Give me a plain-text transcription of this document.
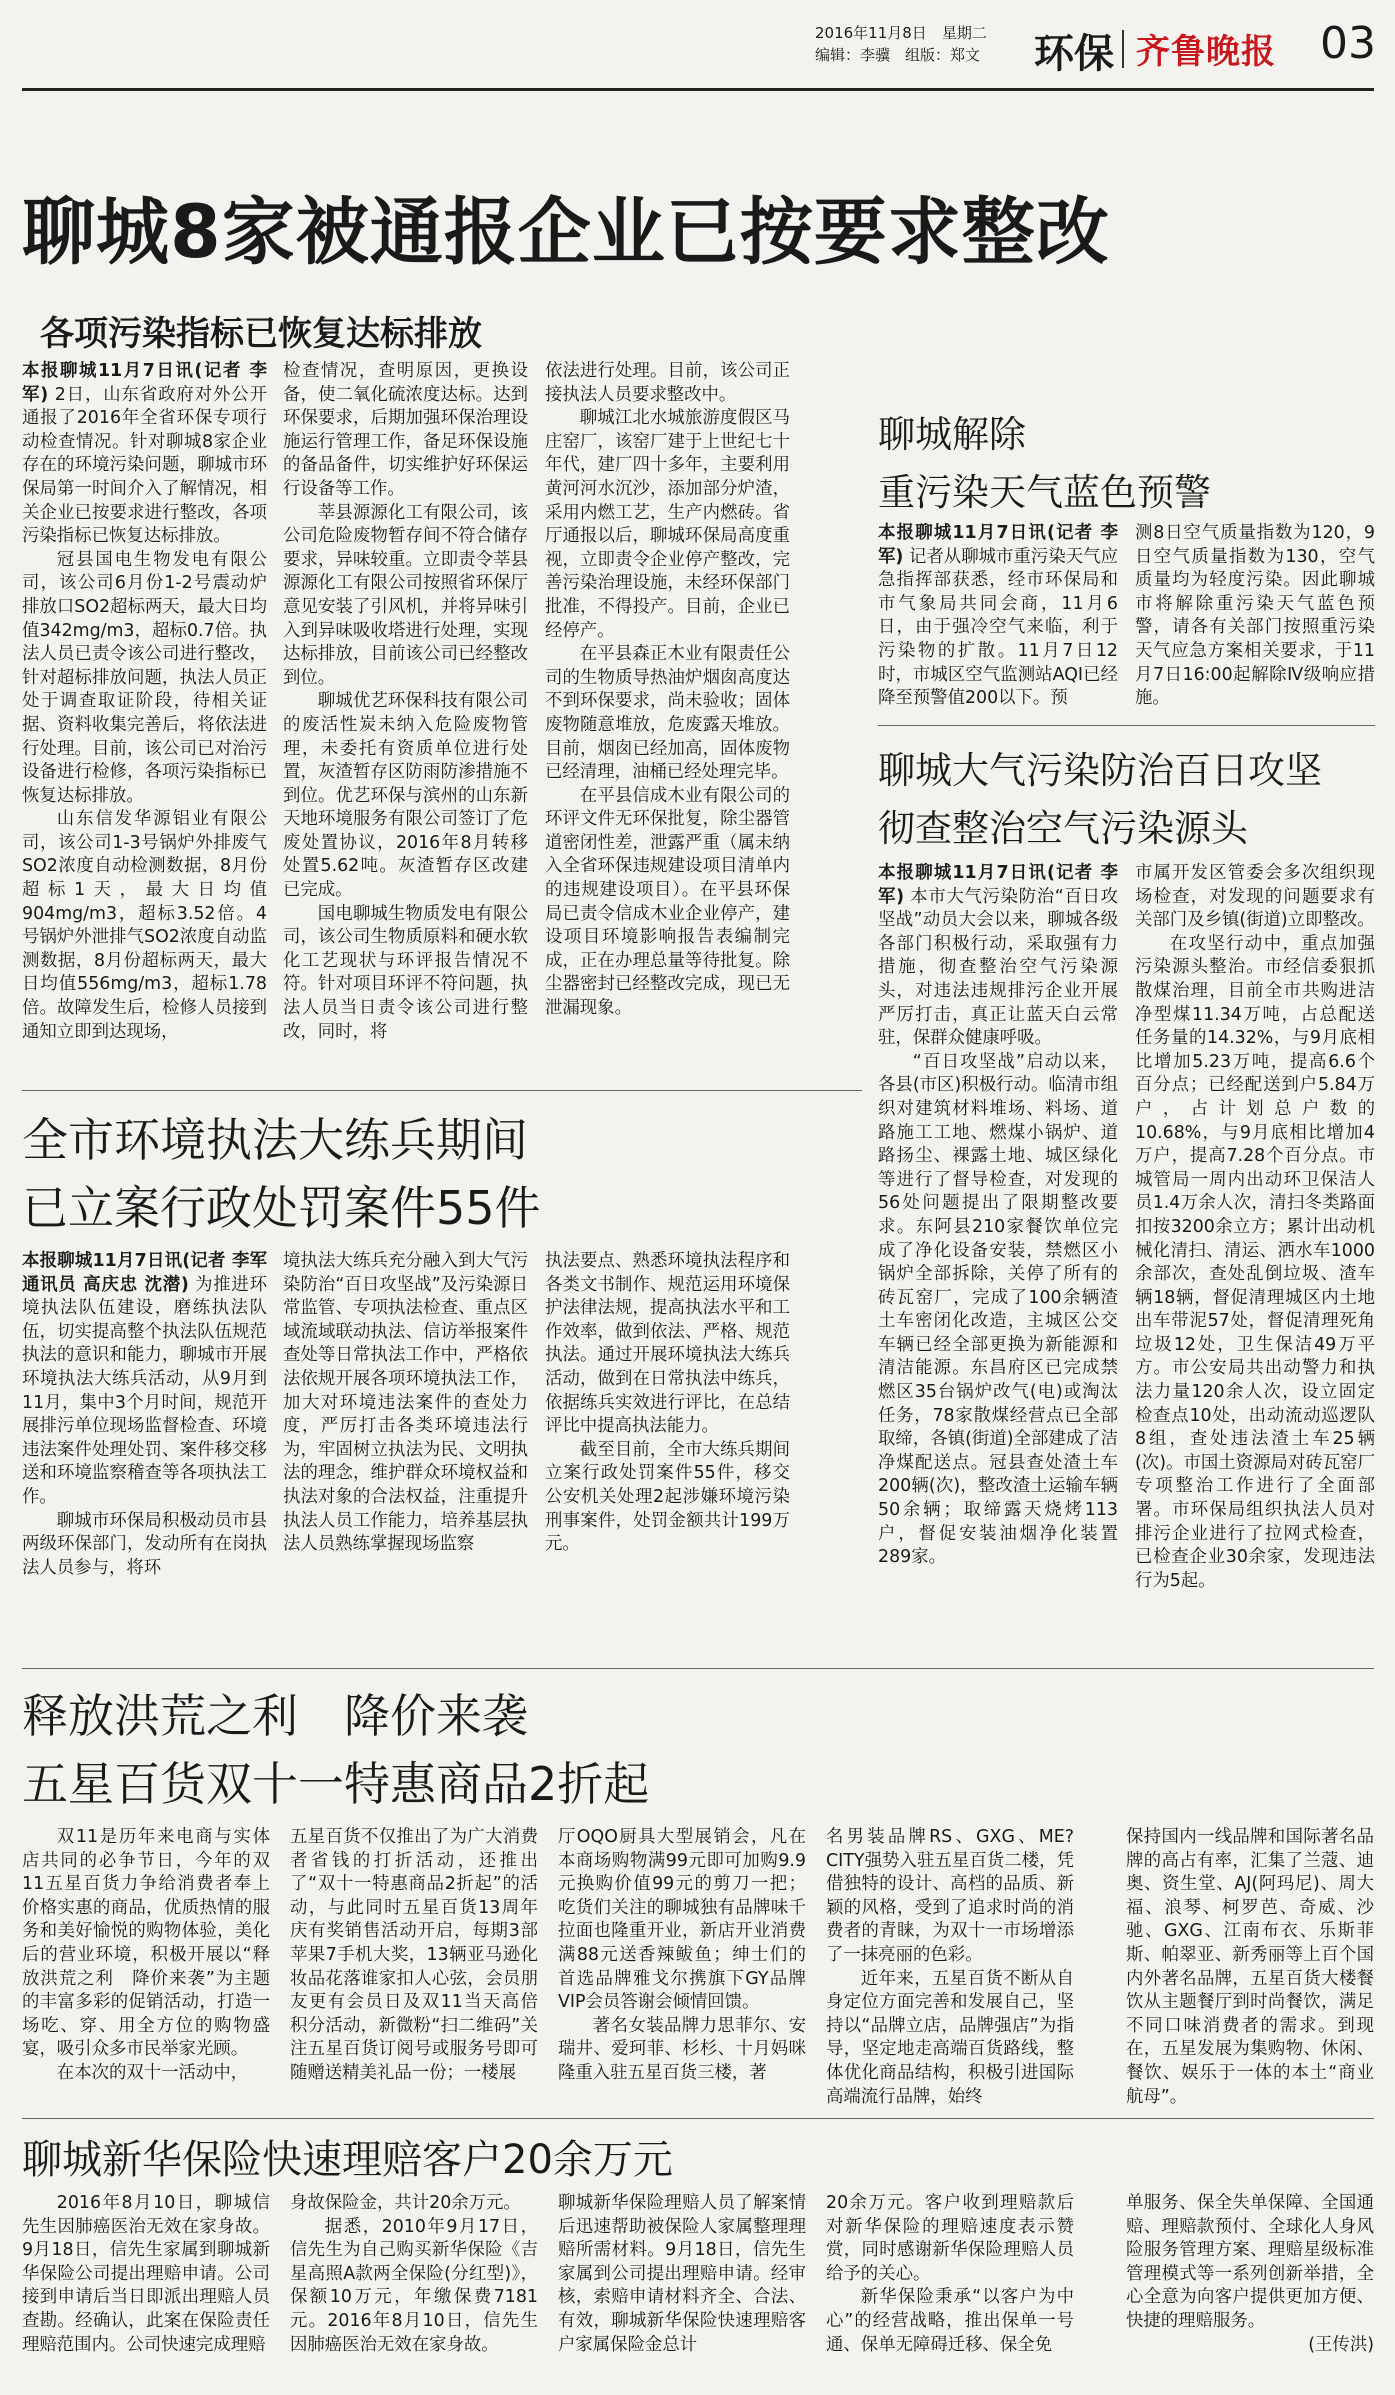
2016年11月8日　 星期二
编辑：李骥　 组版：郑文 环保 齐鲁晚报 03
聊城8家被通报企业已按要求整改
各项污染指标已恢复达标排放

本报聊城11月7日讯(记者 李军) 2日，山东省政府对外公开通报了2016年全省环保专项行动检查情况。针对聊城8家企业存在的环境污染问题，聊城市环保局第一时间介入了解情况，相关企业已按要求进行整改，各项污染指标已恢复达标排放。

冠县国电生物发电有限公司，该公司6月份1-2号震动炉排放口SO2超标两天，最大日均值342mg/m3，超标0.7倍。执法人员已责令该公司进行整改，针对超标排放问题，执法人员正处于调查取证阶段，待相关证据、资料收集完善后，将依法进行处理。目前，该公司已对治污设备进行检修，各项污染指标已恢复达标排放。

山东信发华源铝业有限公司，该公司1-3号锅炉外排废气SO2浓度自动检测数据，8月份超标1天，最大日均值904mg/m3，超标3.52倍。4号锅炉外泄排气SO2浓度自动监测数据，8月份超标两天，最大日均值556mg/m3，超标1.78倍。故障发生后，检修人员接到通知立即到达现场，

检查情况，查明原因，更换设备，使二氧化硫浓度达标。达到环保要求，后期加强环保治理设施运行管理工作，备足环保设施的备品备件，切实维护好环保运行设备等工作。

莘县源源化工有限公司，该公司危险废物暂存间不符合储存要求，异味较重。立即责令莘县源源化工有限公司按照省环保厅意见安装了引风机，并将异味引入到异味吸收塔进行处理，实现达标排放，目前该公司已经整改到位。

聊城优艺环保科技有限公司的废活性炭未纳入危险废物管理，未委托有资质单位进行处置，灰渣暂存区防雨防渗措施不到位。优艺环保与滨州的山东新天地环境服务有限公司签订了危废处置协议，2016年8月转移处置5.62吨。灰渣暂存区改建已完成。

国电聊城生物质发电有限公司，该公司生物质原料和硬水软化工艺现状与环评报告情况不符。针对项目环评不符问题，执法人员当日责令该公司进行整改，同时，将

依法进行处理。目前，该公司正接执法人员要求整改中。

聊城江北水城旅游度假区马庄窑厂，该窑厂建于上世纪七十年代，建厂四十多年，主要利用黄河河水沉沙，添加部分炉渣，采用内燃工艺，生产内燃砖。省厅通报以后，聊城环保局高度重视，立即责令企业停产整改，完善污染治理设施，未经环保部门批准，不得投产。目前，企业已经停产。

在平县森正木业有限责任公司的生物质导热油炉烟囱高度达不到环保要求，尚未验收；固体废物随意堆放，危废露天堆放。目前，烟囱已经加高，固体废物已经清理，油桶已经处理完毕。

在平县信成木业有限公司的环评文件无环保批复，除尘器管道密闭性差，泄露严重（属未纳入全省环保违规建设项目清单内的违规建设项目）。在平县环保局已责令信成木业企业停产，建设项目环境影响报告表编制完成，正在办理总量等待批复。除尘器密封已经整改完成，现已无泄漏现象。

聊城解除
重污染天气蓝色预警

本报聊城11月7日讯(记者 李军) 记者从聊城市重污染天气应急指挥部获悉，经市环保局和市气象局共同会商，11月6日，由于强冷空气来临，利于污染物的扩散。11月7日12时，市城区空气监测站AQI已经降至预警值200以下。预

测8日空气质量指数为120，9日空气质量指数为130，空气质量均为轻度污染。因此聊城市将解除重污染天气蓝色预警，请各有关部门按照重污染天气应急方案相关要求，于11月7日16:00起解除Ⅳ级响应措施。

聊城大气污染防治百日攻坚
彻查整治空气污染源头

本报聊城11月7日讯(记者 李军) 本市大气污染防治“百日攻坚战”动员大会以来，聊城各级各部门积极行动，采取强有力措施，彻查整治空气污染源头，对违法违规排污企业开展严厉打击，真正让蓝天白云常驻，保群众健康呼吸。

“百日攻坚战”启动以来，各县(市区)积极行动。临清市组织对建筑材料堆场、料场、道路施工工地、燃煤小锅炉、道路扬尘、裸露土地、城区绿化等进行了督导检查，对发现的56处问题提出了限期整改要求。东阿县210家餐饮单位完成了净化设备安装，禁燃区小锅炉全部拆除，关停了所有的砖瓦窑厂，完成了100余辆渣土车密闭化改造，主城区公交车辆已经全部更换为新能源和清洁能源。东昌府区已完成禁燃区35台锅炉改气(电)或淘汰任务，78家散煤经营点已全部取缔，各镇(街道)全部建成了洁净煤配送点。冠县查处渣土车200辆(次)，整改渣土运输车辆50余辆；取缔露天烧烤113户，督促安装油烟净化装置289家。

市属开发区管委会多次组织现场检查，对发现的问题要求有关部门及乡镇(街道)立即整改。

在攻坚行动中，重点加强污染源头整治。市经信委狠抓散煤治理，目前全市共购进洁净型煤11.34万吨，占总配送任务量的14.32%，与9月底相比增加5.23万吨，提高6.6个百分点；已经配送到户5.84万户，占计划总户数的10.68%，与9月底相比增加4万户，提高7.28个百分点。市城管局一周内出动环卫保洁人员1.4万余人次，清扫冬类路面扣按3200余立方；累计出动机械化清扫、清运、洒水车1000余部次，查处乱倒垃圾、渣车辆18辆，督促清理城区内土地出车带泥57处，督促清理死角垃圾12处，卫生保洁49万平方。市公安局共出动警力和执法力量120余人次，设立固定检查点10处，出动流动巡逻队8组，查处违法渣土车25辆(次)。市国土资源局对砖瓦窑厂专项整治工作进行了全面部署。市环保局组织执法人员对排污企业进行了拉网式检查，已检查企业30余家，发现违法行为5起。

全市环境执法大练兵期间
已立案行政处罚案件55件

本报聊城11月7日讯(记者 李军 通讯员 高庆忠 沈潜) 为推进环境执法队伍建设，磨练执法队伍，切实提高整个执法队伍规范执法的意识和能力，聊城市开展环境执法大练兵活动，从9月到11月，集中3个月时间，规范开展排污单位现场监督检查、环境违法案件处理处罚、案件移交移送和环境监察稽查等各项执法工作。

聊城市环保局积极动员市县两级环保部门，发动所有在岗执法人员参与，将环

境执法大练兵充分融入到大气污染防治“百日攻坚战”及污染源日常监管、专项执法检查、重点区域流域联动执法、信访举报案件查处等日常执法工作中，严格依法依规开展各项环境执法工作，加大对环境违法案件的查处力度，严厉打击各类环境违法行为，牢固树立执法为民、文明执法的理念，维护群众环境权益和执法对象的合法权益，注重提升执法人员工作能力，培养基层执法人员熟练掌握现场监察

执法要点、熟悉环境执法程序和各类文书制作、规范运用环境保护法律法规，提高执法水平和工作效率，做到依法、严格、规范执法。通过开展环境执法大练兵活动，做到在日常执法中练兵，依据练兵实效进行评比，在总结评比中提高执法能力。

截至目前，全市大练兵期间立案行政处罚案件55件，移交公安机关处理2起涉嫌环境污染刑事案件，处罚金额共计199万元。

释放洪荒之利　降价来袭
五星百货双十一特惠商品2折起

双11是历年来电商与实体店共同的必争节日，今年的双11五星百货力争给消费者奉上价格实惠的商品，优质热情的服务和美好愉悦的购物体验，美化后的营业环境，积极开展以“释放洪荒之利　降价来袭”为主题的丰富多彩的促销活动，打造一场吃、穿、用全方位的购物盛宴，吸引众多市民举家光顾。

在本次的双十一活动中，

五星百货不仅推出了为广大消费者省钱的打折活动，还推出了“双十一特惠商品2折起”的活动，与此同时五星百货13周年庆有奖销售活动开启，每期3部苹果7手机大奖，13辆亚马逊化妆品花落谁家扣人心弦，会员朋友更有会员日及双11当天高倍积分活动，新微粉“扫二维码”关注五星百货订阅号或服务号即可随赠送精美礼品一份；一楼展

厅OQO厨具大型展销会，凡在本商场购物满99元即可加购9.9元换购价值99元的剪刀一把；吃货们关注的聊城独有品牌味千拉面也隆重开业，新店开业消费满88元送香辣鲅鱼；绅士们的首选品牌雅戈尔携旗下GY品牌VIP会员答谢会倾情回馈。

著名女装品牌力思菲尔、安瑞井、爱珂菲、杉杉、十月妈咪隆重入驻五星百货三楼，著

名男装品牌RS、GXG、ME?CITY强势入驻五星百货二楼，凭借独特的设计、高档的品质、新颖的风格，受到了追求时尚的消费者的青睐，为双十一市场增添了一抹亮丽的色彩。

近年来，五星百货不断从自身定位方面完善和发展自己，坚持以“品牌立店，品牌强店”为指导，坚定地走高端百货路线，整体优化商品结构，积极引进国际高端流行品牌，始终

保持国内一线品牌和国际著名品牌的高占有率，汇集了兰蔻、迪奥、资生堂、AJ(阿玛尼)、周大福、浪琴、柯罗芭、奇威、沙驰、GXG、江南布衣、乐斯菲斯、帕翠亚、新秀丽等上百个国内外著名品牌，五星百货大楼餐饮从主题餐厅到时尚餐饮，满足不同口味消费者的需求。到现在，五星发展为集购物、休闲、餐饮、娱乐于一体的本土“商业航母”。

聊城新华保险快速理赔客户20余万元

2016年8月10日，聊城信先生因肺癌医治无效在家身故。9月18日，信先生家属到聊城新华保险公司提出理赔申请。公司接到申请后当日即派出理赔人员查勘。经确认，此案在保险责任理赔范围内。公司快速完成理赔

身故保险金，共计20余万元。

据悉，2010年9月17日，信先生为自己购买新华保险《吉星高照A款两全保险(分红型)》，保额10万元，年缴保费7181元。2016年8月10日，信先生因肺癌医治无效在家身故。

聊城新华保险理赔人员了解案情后迅速帮助被保险人家属整理理赔所需材料。9月18日，信先生家属到公司提出理赔申请。经审核，索赔申请材料齐全、合法、有效，聊城新华保险快速理赔客户家属保险金总计

20余万元。客户收到理赔款后对新华保险的理赔速度表示赞赏，同时感谢新华保险理赔人员给予的关心。

新华保险秉承“以客户为中心”的经营战略，推出保单一号通、保单无障碍迁移、保全免

单服务、保全失单保障、全国通赔、理赔款预付、全球化人身风险服务管理方案、理赔星级标准管理模式等一系列创新举措，全心全意为向客户提供更加方便、快捷的理赔服务。

(王传洪)
